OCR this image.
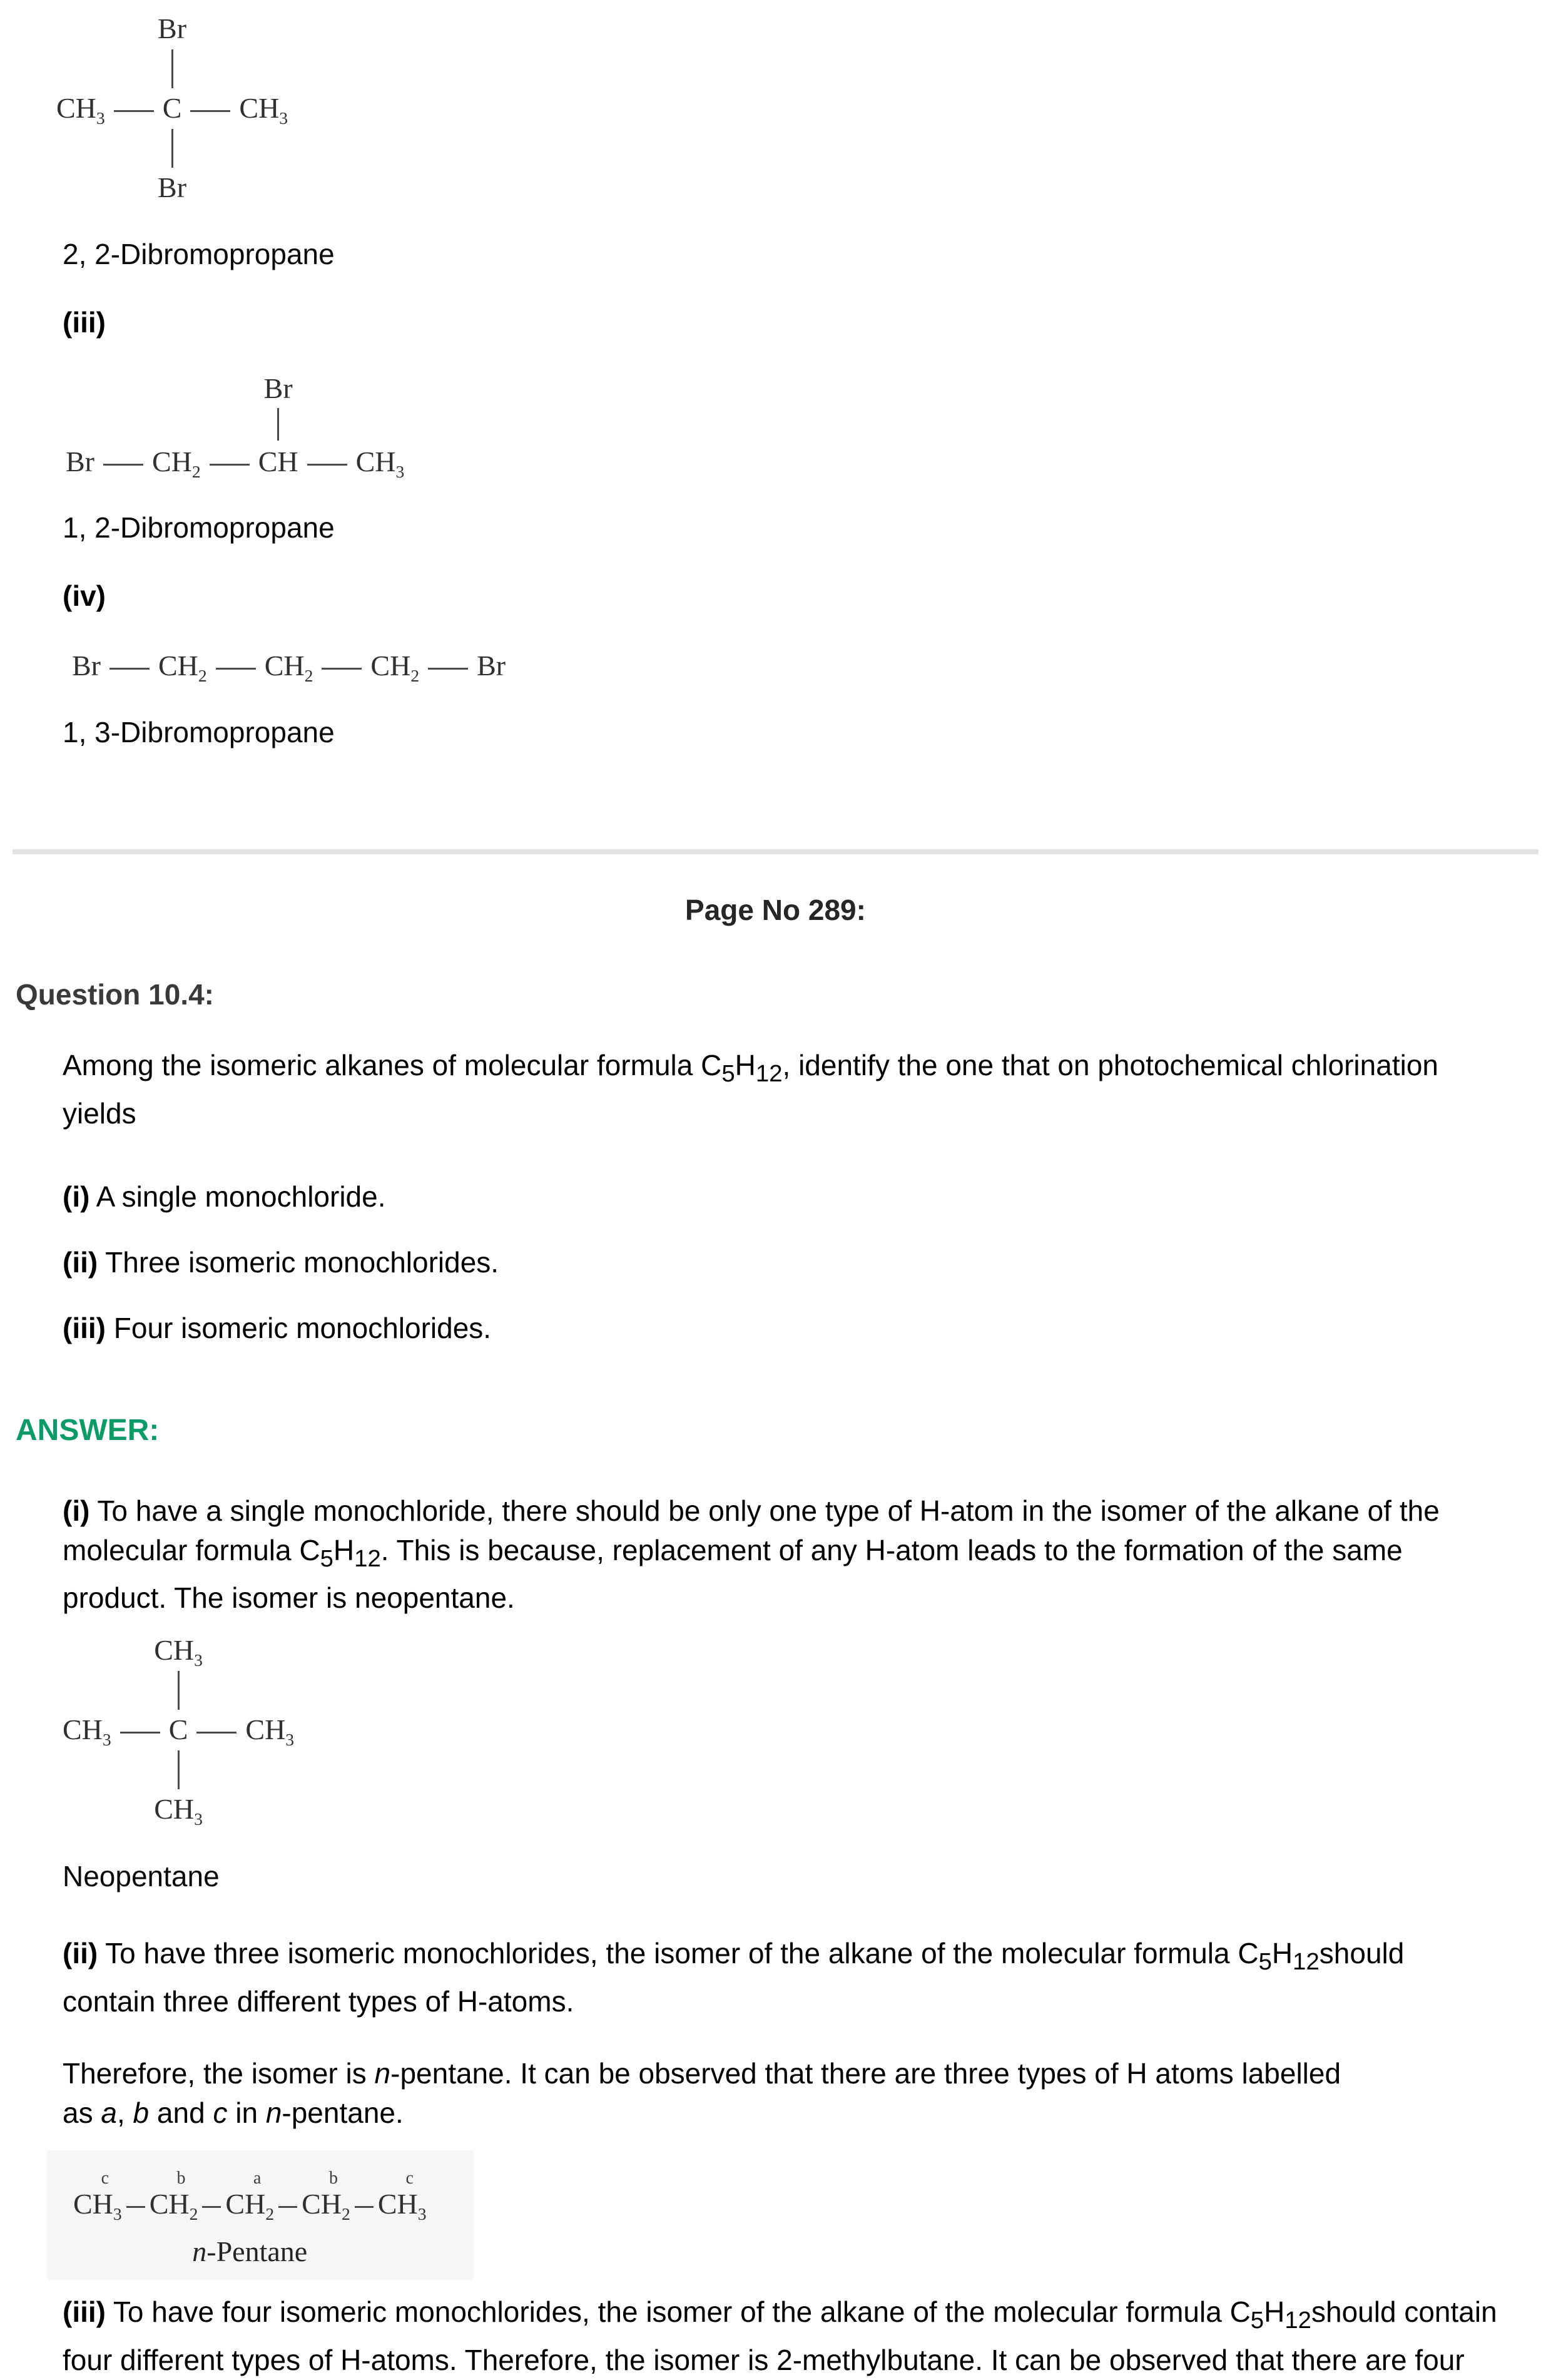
Br
$CH_3$ C $CH_3$
Br
2, 2-Dibromopropane
(iii)
Br $CH_2$
Br
CH $CH_3$
1, 2-Dibromopropane
(iv)
Br $CH_2$ $CH_2$ $CH_2$ Br
1, 3-Dibromopropane
Page No 289:
Question 10.4:
Among the isomeric alkanes of molecular formula $C_5H_{12}$, identify the one that on photochemical chlorination yields
(i) A single monochloride.
(ii) Three isomeric monochlorides.
(iii) Four isomeric monochlorides.
ANSWER:
(i) To have a single monochloride, there should be only one type of H-atom in the isomer of the alkane of the molecular formula $C_5H_{12}$. This is because, replacement of any H-atom leads to the formation of the same product. The isomer is neopentane.
$CH_3$
$CH_3$ C $CH_3$
$CH_3$
Neopentane
(ii) To have three isomeric monochlorides, the isomer of the alkane of the molecular formula $C_5H_{12}should$ contain three different types of H-atoms.
Therefore, the isomer is n-pentane. It can be observed that there are three types of H atoms labelled
as a, b and c in n-pentane.
c
$CH_3$
b
$CH_2$
a
$CH_2$
b
$CH_2$
c
$CH_3$
n-Pentane
(iii) To have four isomeric monochlorides, the isomer of the alkane of the molecular formula $C_5H_{12}should$ contain four different types of H-atoms. Therefore, the isomer is 2-methylbutane. It can be observed that there are four
